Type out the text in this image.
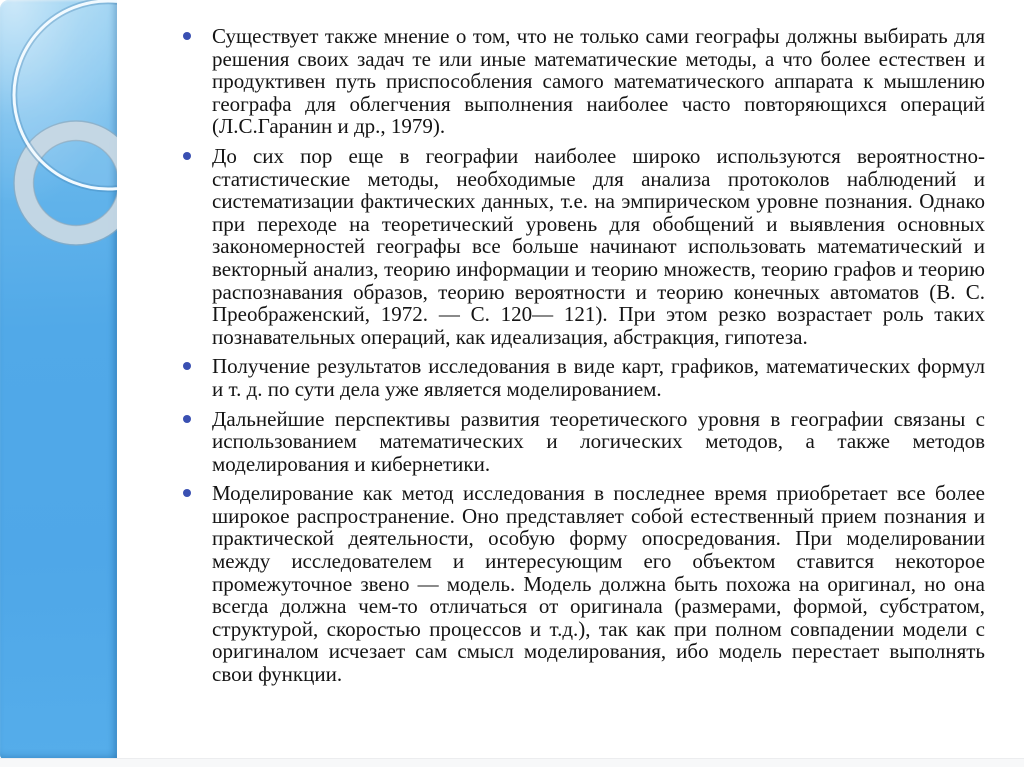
Существует также мнение о том, что не только сами географы должны выбирать для решения своих задач те или иные математические методы, а что более естествен и продуктивен путь приспособления самого математического аппарата к мышлению географа для облегчения выполнения наиболее часто повторяющихся операций (Л.С.Гаранин и др., 1979).
До сих пор еще в географии наиболее широко используются вероятностно-статистические методы, необходимые для анализа протоколов наблюдений и систематизации фактических данных, т.е. на эмпирическом уровне познания. Однако при переходе на теоретический уровень для обобщений и выявления основных закономерностей географы все больше начинают использовать математический и векторный анализ, теорию информации и теорию множеств, теорию графов и теорию распознавания образов, теорию вероятности и теорию конечных автоматов (В. С. Преображенский, 1972. — С. 120— 121). При этом резко возрастает роль таких познавательных операций, как идеализация, абстракция, гипотеза.
Получение результатов исследования в виде карт, графиков, математических формул и т. д. по сути дела уже является моделированием.
Дальнейшие перспективы развития теоретического уровня в географии связаны с использованием математических и логических методов, а также методов моделирования и кибернетики.
Моделирование как метод исследования в последнее время приобретает все более широкое распространение. Оно представляет собой естественный прием познания и практической деятельности, особую форму опосредования. При моделировании между исследователем и интересующим его объектом ставится некоторое промежуточное звено — модель. Модель должна быть похожа на оригинал, но она всегда должна чем-то отличаться от оригинала (размерами, формой, субстратом, структурой, скоростью процессов и т.д.), так как при полном совпадении модели с оригиналом исчезает сам смысл моделирования, ибо модель перестает выполнять свои функции.
